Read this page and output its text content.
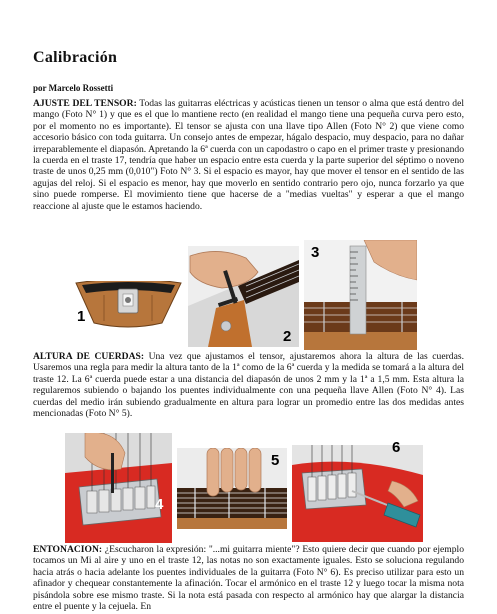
Calibración
por Marcelo Rossetti

AJUSTE DEL TENSOR: Todas las guitarras eléctricas y acústicas tienen un tensor o alma que está dentro del mango (Foto N° 1) y que es el que lo mantiene recto (en realidad el mango tiene una pequeña curva pero esto, por el momento no es importante). El tensor se ajusta con una llave tipo Allen (Foto N° 2) que viene como accesorio básico con toda guitarra. Un consejo antes de empezar, hágalo despacio, muy despacio, para no dañar irreparablemente el diapasón. Apretando la 6ª cuerda con un capodastro o capo en el primer traste y presionando la cuerda en el traste 17, tendría que haber un espacio entre esta cuerda y la parte superior del séptimo o noveno traste de unos 0,25 mm (0,010") Foto N° 3. Si el espacio es mayor, hay que mover el tensor en el sentido de las agujas del reloj. Si el espacio es menor, hay que moverlo en sentido contrario pero ojo, nunca forzarlo ya que sino puede romperse. El movimiento tiene que hacerse de a "medias vueltas" y esperar a que el mango reaccione al ajuste que le estamos haciendo.

1
2
3

ALTURA DE CUERDAS: Una vez que ajustamos el tensor, ajustaremos ahora la altura de las cuerdas. Usaremos una regla para medir la altura tanto de la 1ª como de la 6ª cuerda y la medida se tomará a la altura del traste 12. La 6ª cuerda puede estar a una distancia del diapasón de unos 2 mm y la 1ª a 1,5 mm. Esta altura la regularemos subiendo o bajando los puentes individualmente con una pequeña llave Allen (Foto N° 4). Las cuerdas del medio irán subiendo gradualmente en altura para lograr un promedio entre las dos medidas antes mencionadas (Foto N° 5).

4
5
6

ENTONACION: ¿Escucharon la expresión: "...mi guitarra miente"? Esto quiere decir que cuando por ejemplo tocamos un Mi al aire y uno en el traste 12, las notas no son exactamente iguales. Esto se soluciona regulando hacia atrás o hacia adelante los puentes individuales de la guitarra (Foto N° 6). Es preciso utilizar para esto un afinador y chequear constantemente la afinación. Tocar el armónico en el traste 12 y luego tocar la misma nota pisándola sobre ese mismo traste. Si la nota está pasada con respecto al armónico hay que alargar la distancia entre el puente y la cejuela. En
